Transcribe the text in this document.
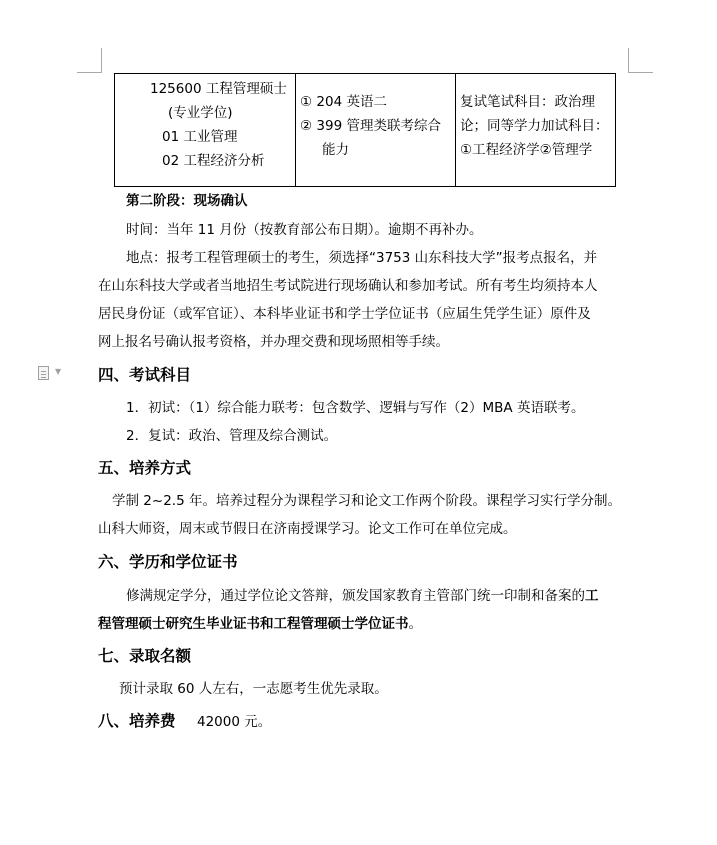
125600 工程管理硕士
(专业学位)
01 工业管理
02 工程经济分析
① 204 英语二
② 399 管理类联考综合
能力
复试笔试科目：政治理
论；同等学力加试科目：
①工程经济学②管理学
第二阶段：现场确认
时间：当年 11 月份（按教育部公布日期）。逾期不再补办。
地点：报考工程管理硕士的考生，须选择“3753 山东科技大学”报考点报名，并
在山东科技大学或者当地招生考试院进行现场确认和参加考试。所有考生均须持本人
居民身份证（或军官证）、本科毕业证书和学士学位证书（应届生凭学生证）原件及
网上报名号确认报考资格，并办理交费和现场照相等手续。
▼ 四、考试科目
1．初试：（1）综合能力联考：包含数学、逻辑与写作（2）MBA 英语联考。
2．复试：政治、管理及综合测试。
五、培养方式
学制 2~2.5 年。培养过程分为课程学习和论文工作两个阶段。课程学习实行学分制。
山科大师资，周末或节假日在济南授课学习。论文工作可在单位完成。
六、学历和学位证书
修满规定学分，通过学位论文答辩，颁发国家教育主管部门统一印制和备案的工
程管理硕士研究生毕业证书和工程管理硕士学位证书。
七、录取名额
预计录取 60 人左右，一志愿考生优先录取。
八、培养费 42000 元。
